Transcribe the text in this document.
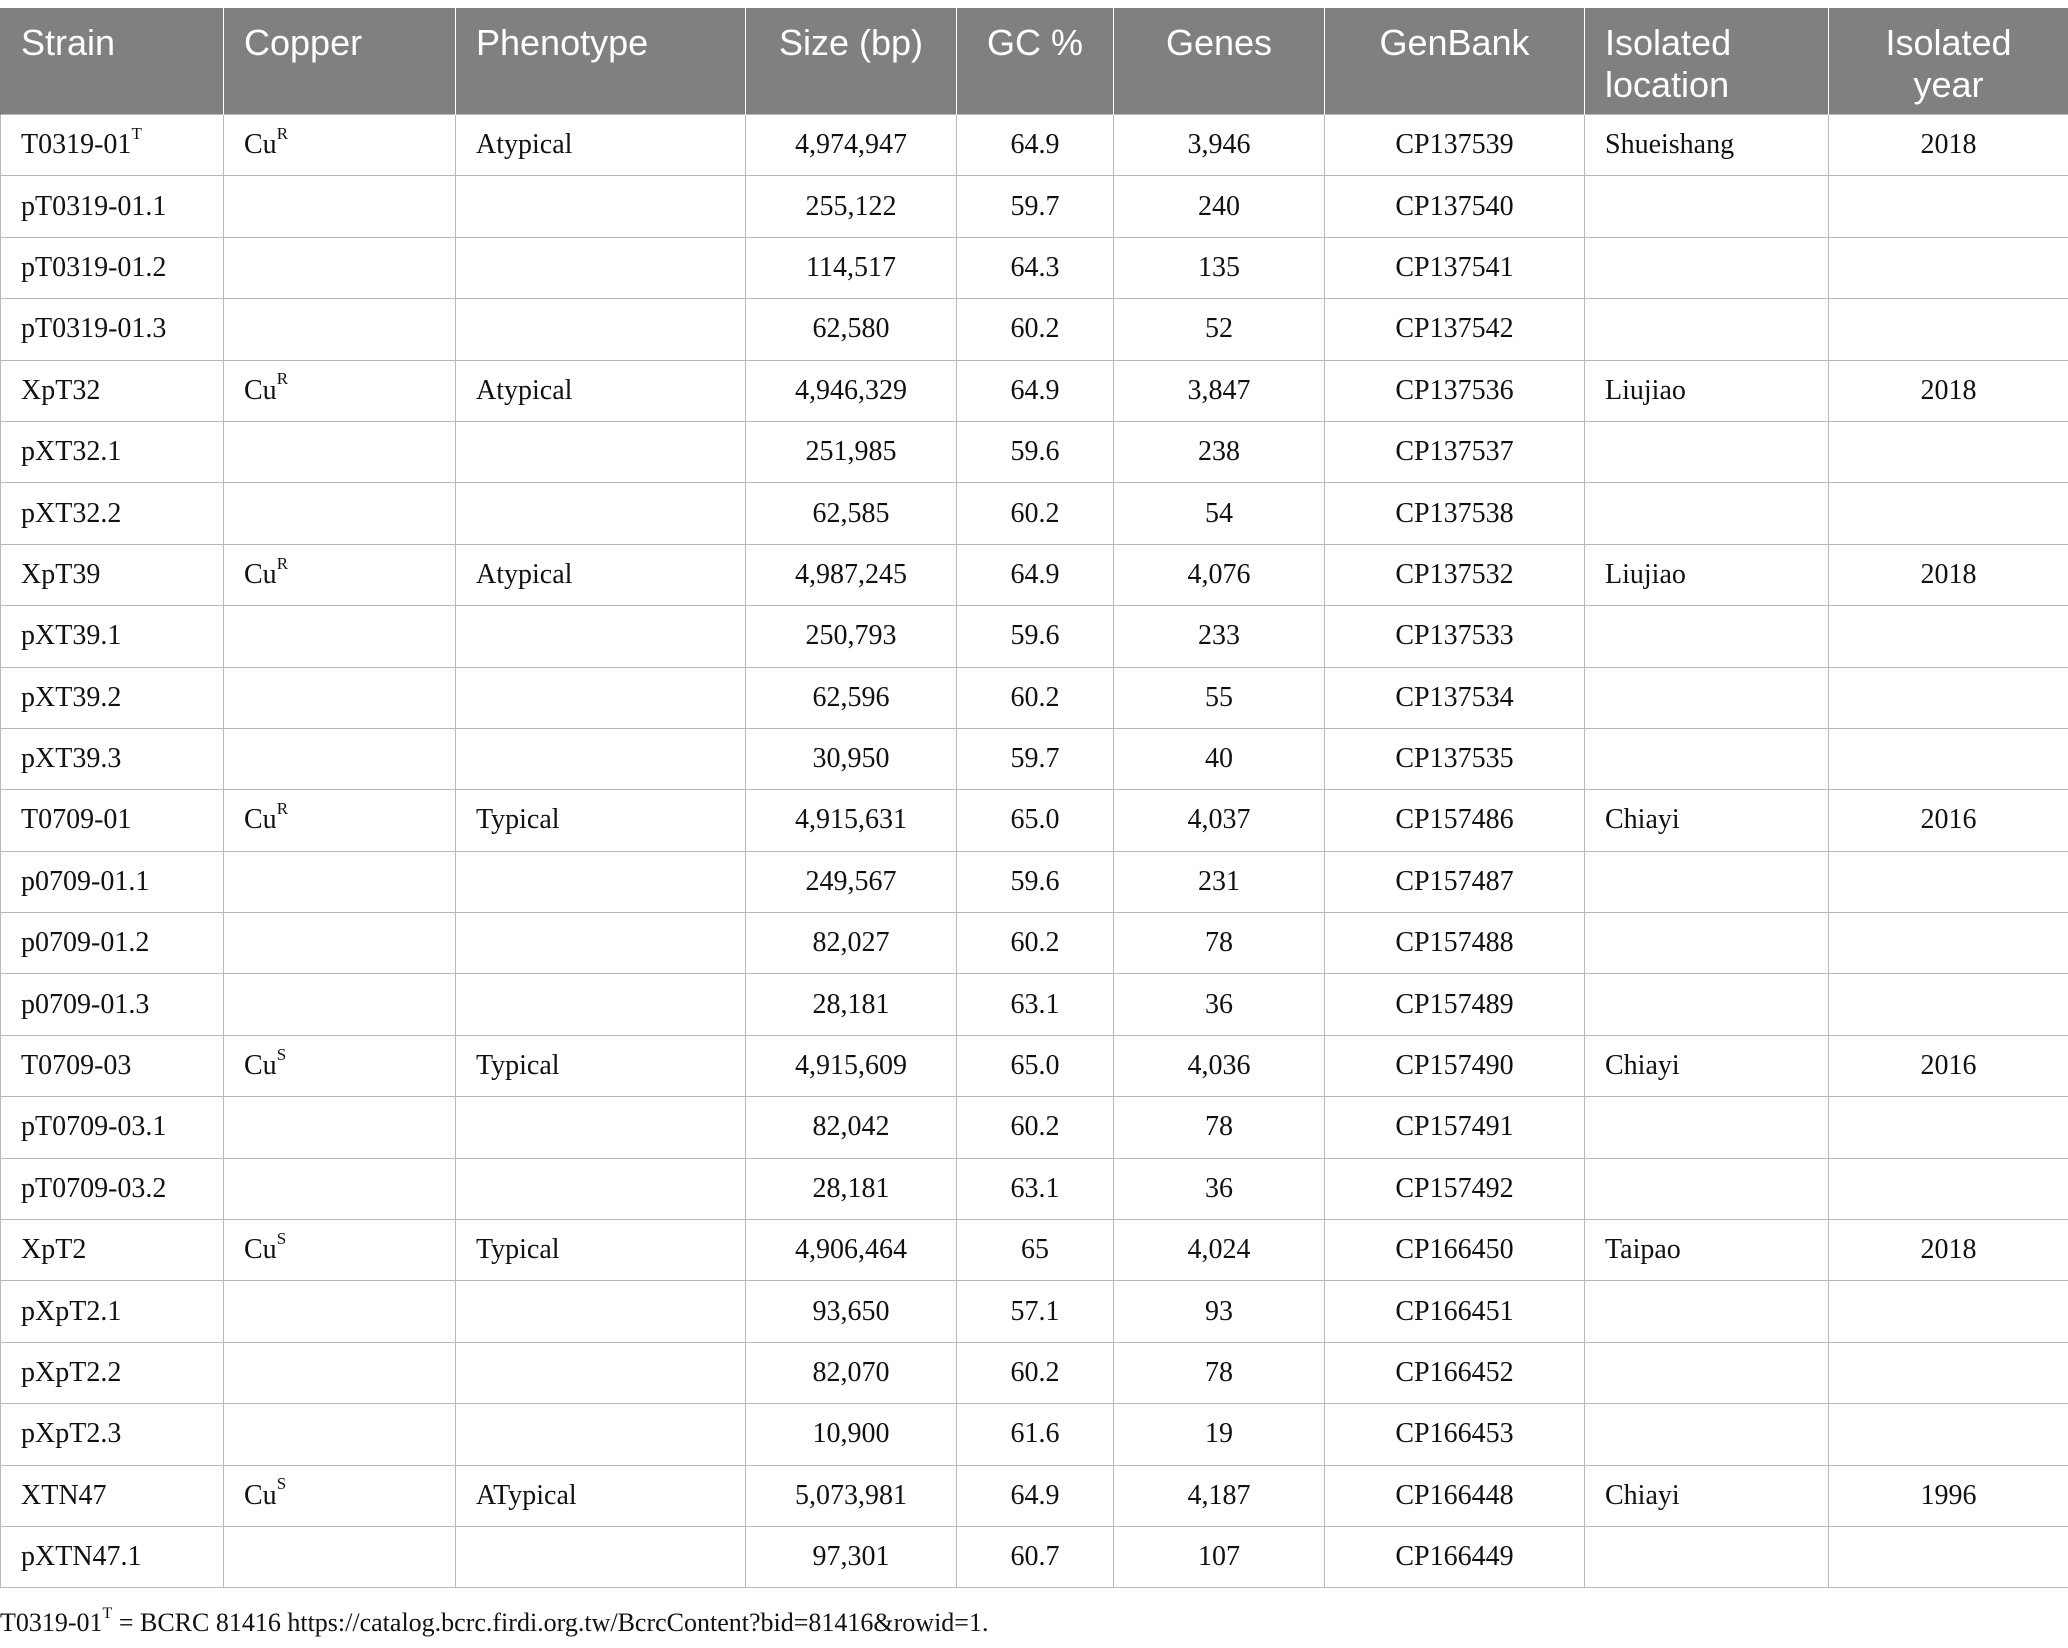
Strain	Copper	Phenotype	Size (bp)	GC %	Genes	GenBank	Isolated location	Isolated year
$T0319-01^T$	$Cu^R$	Atypical	4,974,947	64.9	3,946	CP137539	Shueishang	2018
pT0319-01.1			255,122	59.7	240	CP137540		
pT0319-01.2			114,517	64.3	135	CP137541		
pT0319-01.3			62,580	60.2	52	CP137542		
XpT32	$Cu^R$	Atypical	4,946,329	64.9	3,847	CP137536	Liujiao	2018
pXT32.1			251,985	59.6	238	CP137537		
pXT32.2			62,585	60.2	54	CP137538		
XpT39	$Cu^R$	Atypical	4,987,245	64.9	4,076	CP137532	Liujiao	2018
pXT39.1			250,793	59.6	233	CP137533		
pXT39.2			62,596	60.2	55	CP137534		
pXT39.3			30,950	59.7	40	CP137535		
T0709-01	$Cu^R$	Typical	4,915,631	65.0	4,037	CP157486	Chiayi	2016
p0709-01.1			249,567	59.6	231	CP157487		
p0709-01.2			82,027	60.2	78	CP157488		
p0709-01.3			28,181	63.1	36	CP157489		
T0709-03	$Cu^S$	Typical	4,915,609	65.0	4,036	CP157490	Chiayi	2016
pT0709-03.1			82,042	60.2	78	CP157491		
pT0709-03.2			28,181	63.1	36	CP157492		
XpT2	$Cu^S$	Typical	4,906,464	65	4,024	CP166450	Taipao	2018
pXpT2.1			93,650	57.1	93	CP166451		
pXpT2.2			82,070	60.2	78	CP166452		
pXpT2.3			10,900	61.6	19	CP166453		
XTN47	$Cu^S$	ATypical	5,073,981	64.9	4,187	CP166448	Chiayi	1996
pXTN47.1			97,301	60.7	107	CP166449		
$T0319-01^T$ = BCRC 81416 https://catalog.bcrc.firdi.org.tw/BcrcContent?bid=81416&rowid=1.
